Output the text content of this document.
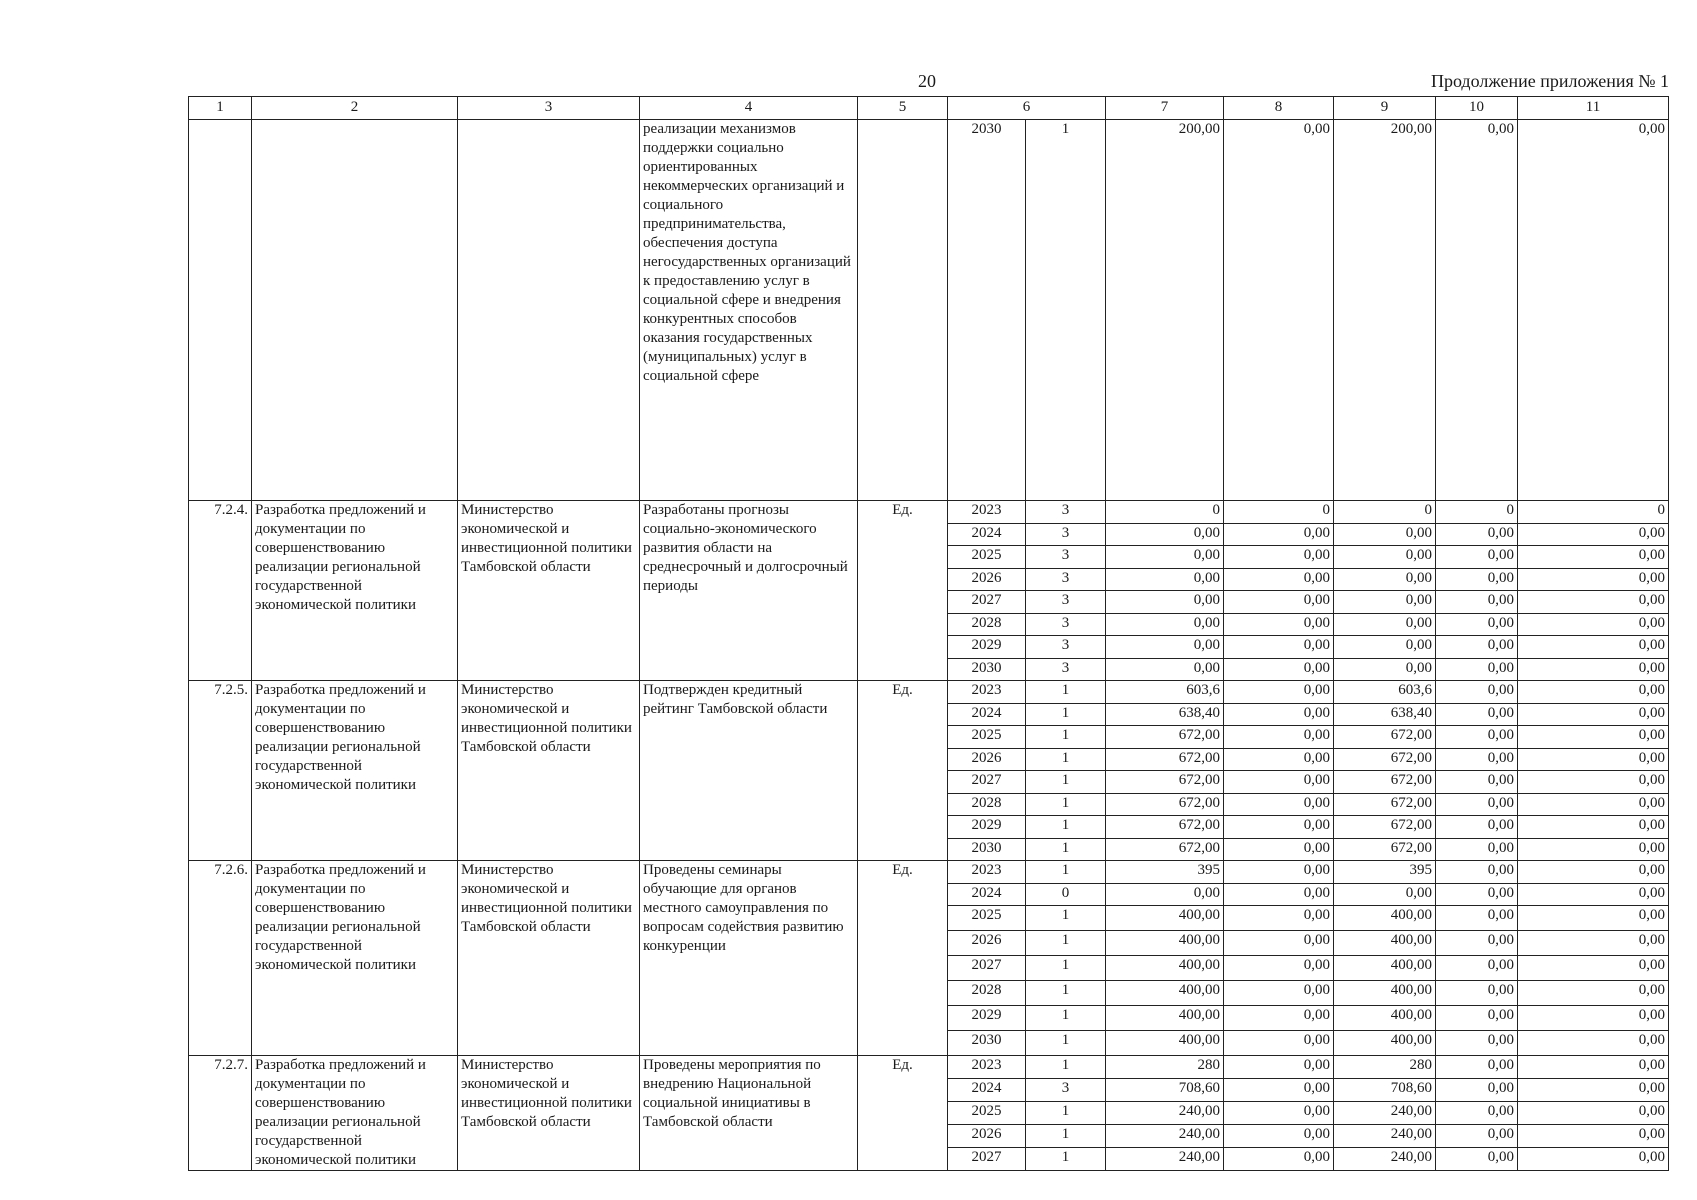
20	Продолжение приложения № 1
1	2	3	4	5	6		7	8	9	10	11
			реализации механизмов поддержки социально ориентированных некоммерческих организаций и социального предпринимательства, обеспечения доступа негосударственных организаций к предоставлению услуг в социальной сфере и внедрения конкурентных способов оказания государственных (муниципальных) услуг в социальной сфере		2030	1	200,00	0,00	200,00	0,00	0,00
7.2.4.	Разработка предложений и документации по совершенствованию реализации региональной государственной экономической политики	Министерство экономической и инвестиционной политики Тамбовской области	Разработаны прогнозы социально-экономического развития области на среднесрочный и долгосрочный периоды	Ед.	2023	3	0	0	0	0	0
					2024	3	0,00	0,00	0,00	0,00	0,00
					2025	3	0,00	0,00	0,00	0,00	0,00
					2026	3	0,00	0,00	0,00	0,00	0,00
					2027	3	0,00	0,00	0,00	0,00	0,00
					2028	3	0,00	0,00	0,00	0,00	0,00
					2029	3	0,00	0,00	0,00	0,00	0,00
					2030	3	0,00	0,00	0,00	0,00	0,00
7.2.5.	Разработка предложений и документации по совершенствованию реализации региональной государственной экономической политики	Министерство экономической и инвестиционной политики Тамбовской области	Подтвержден кредитный рейтинг Тамбовской области	Ед.	2023	1	603,6	0,00	603,6	0,00	0,00
					2024	1	638,40	0,00	638,40	0,00	0,00
					2025	1	672,00	0,00	672,00	0,00	0,00
					2026	1	672,00	0,00	672,00	0,00	0,00
					2027	1	672,00	0,00	672,00	0,00	0,00
					2028	1	672,00	0,00	672,00	0,00	0,00
					2029	1	672,00	0,00	672,00	0,00	0,00
					2030	1	672,00	0,00	672,00	0,00	0,00
7.2.6.	Разработка предложений и документации по совершенствованию реализации региональной государственной экономической политики	Министерство экономической и инвестиционной политики Тамбовской области	Проведены семинары обучающие для органов местного самоуправления по вопросам содействия развитию конкуренции	Ед.	2023	1	395	0,00	395	0,00	0,00
					2024	0	0,00	0,00	0,00	0,00	0,00
					2025	1	400,00	0,00	400,00	0,00	0,00
					2026	1	400,00	0,00	400,00	0,00	0,00
					2027	1	400,00	0,00	400,00	0,00	0,00
					2028	1	400,00	0,00	400,00	0,00	0,00
					2029	1	400,00	0,00	400,00	0,00	0,00
					2030	1	400,00	0,00	400,00	0,00	0,00
7.2.7.	Разработка предложений и документации по совершенствованию реализации региональной государственной экономической политики	Министерство экономической и инвестиционной политики Тамбовской области	Проведены мероприятия по внедрению Национальной социальной инициативы в Тамбовской области	Ед.	2023	1	280	0,00	280	0,00	0,00
					2024	3	708,60	0,00	708,60	0,00	0,00
					2025	1	240,00	0,00	240,00	0,00	0,00
					2026	1	240,00	0,00	240,00	0,00	0,00
					2027	1	240,00	0,00	240,00	0,00	0,00
